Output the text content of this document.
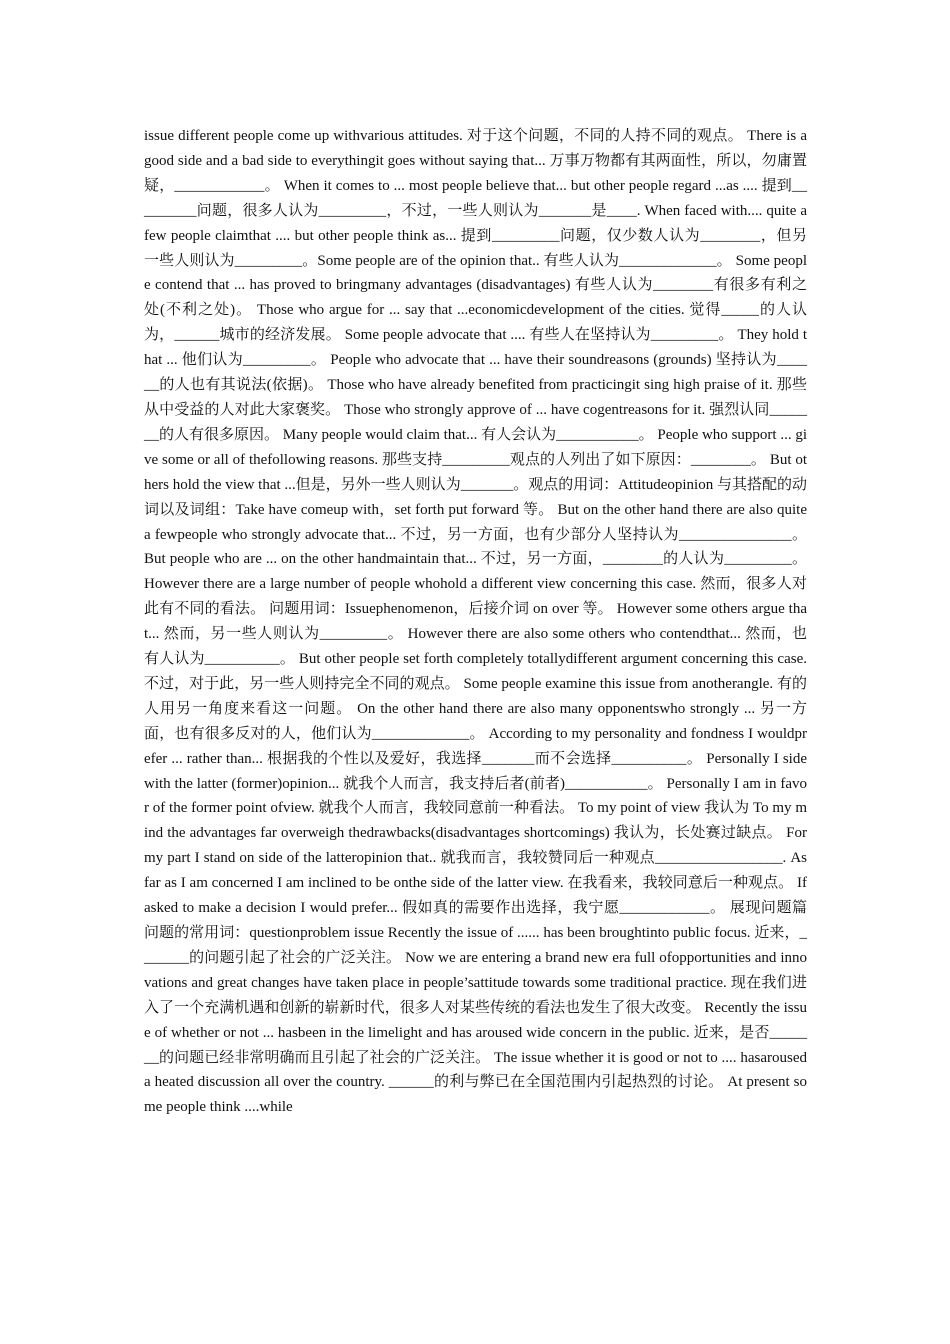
issue different people come up withvarious attitudes. 对于这个问题，不同的人持不同的观点。 There is a good side and a bad side to everythingit goes without saying that... 万事万物都有其两面性，所以，勿庸置疑，____________。 When it comes to ... most people believe that... but other people regard ...as .... 提到_________问题，很多人认为_________，不过，一些人则认为_______是____. When faced with.... quite a few people claimthat .... but other people think as... 提到_________问题，仅少数人认为________，但另一些人则认为_________。Some people are of the opinion that.. 有些人认为_____________。 Some people contend that ... has proved to bringmany advantages (disadvantages) 有些人认为________有很多有利之处(不利之处)。 Those who argue for ... say that ...economicdevelopment of the cities. 觉得_____的人认为，______城市的经济发展。 Some people advocate that .... 有些人在坚持认为_________。 They hold that ... 他们认为_________。 People who advocate that ... have their soundreasons (grounds) 坚持认为______的人也有其说法(依据)。 Those who have already benefited from practicingit sing high praise of it. 那些从中受益的人对此大家褒奖。 Those who strongly approve of ... have cogentreasons for it. 强烈认同_______的人有很多原因。 Many people would claim that... 有人会认为___________。 People who support ... give some or all of thefollowing reasons. 那些支持_________观点的人列出了如下原因：________。 But others hold the view that ...但是，另外一些人则认为_______。观点的用词：Attitudeopinion 与其搭配的动词以及词组：Take have comeup with，set forth put forward 等。 But on the other hand there are also quite a fewpeople who strongly advocate that... 不过，另一方面，也有少部分人坚持认为_______________。 But people who are ... on the other handmaintain that... 不过，另一方面，________的人认为_________。 However there are a large number of people whohold a different view concerning this case. 然而，很多人对此有不同的看法。 问题用词：Issuephenomenon，后接介词 on over 等。 However some others argue that... 然而，另一些人则认为_________。 However there are also some others who contendthat... 然而，也有人认为__________。 But other people set forth completely totallydifferent argument concerning this case. 不过，对于此，另一些人则持完全不同的观点。 Some people examine this issue from anotherangle. 有的人用另一角度来看这一问题。 On the other hand there are also many opponentswho strongly ... 另一方面，也有很多反对的人，他们认为_____________。 According to my personality and fondness I wouldprefer ... rather than... 根据我的个性以及爱好，我选择_______而不会选择__________。 Personally I side with the latter (former)opinion... 就我个人而言，我支持后者(前者)___________。 Personally I am in favor of the former point ofview. 就我个人而言，我较同意前一种看法。 To my point of view 我认为 To my mind the advantages far overweigh thedrawbacks(disadvantages shortcomings) 我认为，长处赛过缺点。 For my part I stand on side of the latteropinion that.. 就我而言，我较赞同后一种观点_________________. As far as I am concerned I am inclined to be onthe side of the latter view. 在我看来，我较同意后一种观点。 If asked to make a decision I would prefer... 假如真的需要作出选择，我宁愿____________。 展现问题篇 问题的常用词：questionproblem issue Recently the issue of ...... has been broughtinto public focus. 近来，_______的问题引起了社会的广泛关注。 Now we are entering a brand new era full ofopportunities and innovations and great changes have taken place in people’sattitude towards some traditional practice. 现在我们进入了一个充满机遇和创新的崭新时代，很多人对某些传统的看法也发生了很大改变。 Recently the issue of whether or not ... hasbeen in the limelight and has aroused wide concern in the public. 近来，是否_______的问题已经非常明确而且引起了社会的广泛关注。 The issue whether it is good or not to .... hasaroused a heated discussion all over the country. ______的利与弊已在全国范围内引起热烈的讨论。 At present some people think ....while
